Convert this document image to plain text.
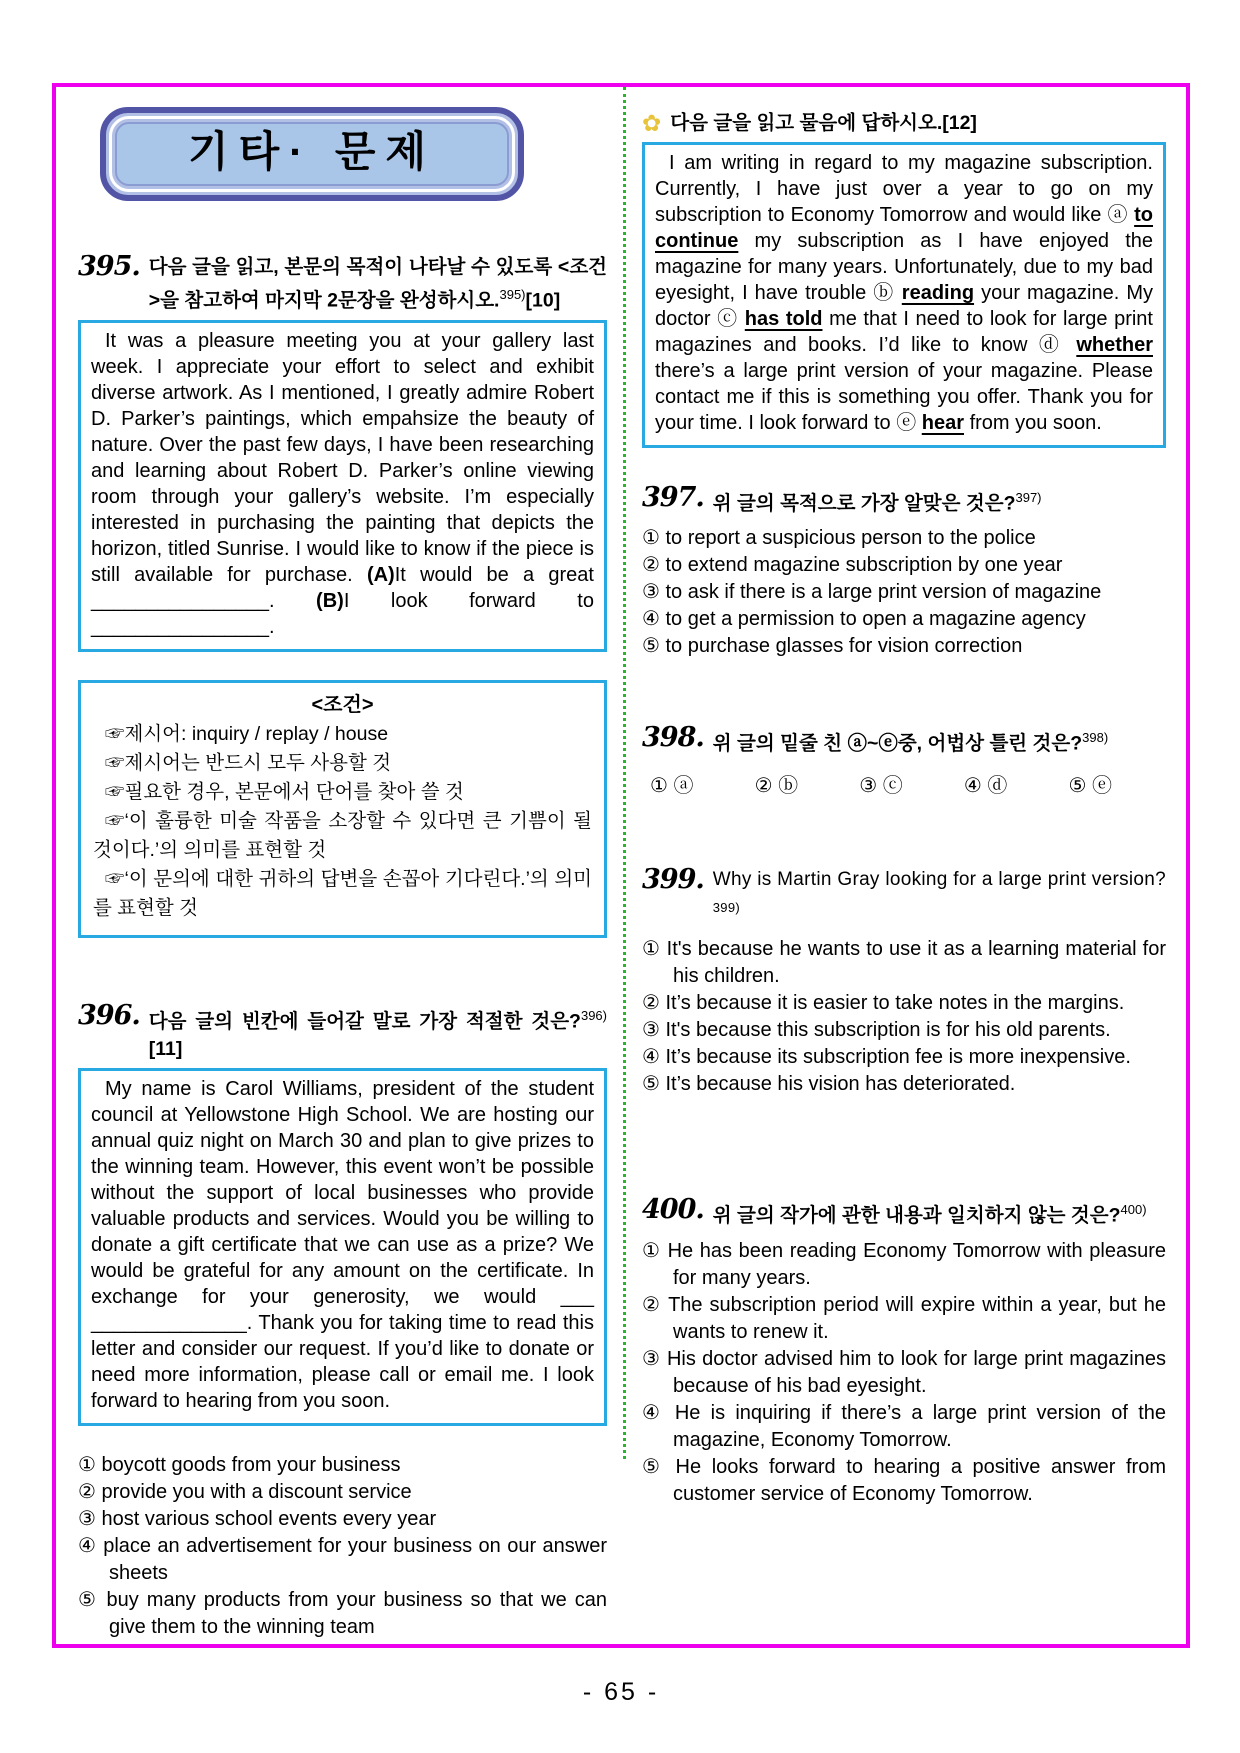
기타· 문제
395. 다음 글을 읽고, 본문의 목적이 나타날 수 있도록 <조건>을 참고하여 마지막 2문장을 완성하시오.$^{395)}$[10]

It was a pleasure meeting you at your gallery last week. I appreciate your effort to select and exhibit diverse artwork. As I mentioned, I greatly admire Robert D. Parker’s paintings, which empahsize the beauty of nature. Over the past few days, I have been researching and learning about Robert D. Parker’s online viewing room through your gallery’s website. I’m especially interested in purchasing the painting that depicts the horizon, titled Sunrise. I would like to know if the piece is still available for purchase. (A)It would be a great ________________. (B)I look forward to ________________.

<조건>
☞제시어: inquiry / replay / house
☞제시어는 반드시 모두 사용할 것
☞필요한 경우, 본문에서 단어를 찾아 쓸 것
☞‘이 훌륭한 미술 작품을 소장할 수 있다면 큰 기쁨이 될 것이다.’의 의미를 표현할 것
☞‘이 문의에 대한 귀하의 답변을 손꼽아 기다린다.’의 의미를 표현할 것
396. 다음 글의 빈칸에 들어갈 말로 가장 적절한 것은?$^{396)}$[11]

My name is Carol Williams, president of the student council at Yellowstone High School. We are hosting our annual quiz night on March 30 and plan to give prizes to the winning team. However, this event won’t be possible without the support of local businesses who provide valuable products and services. Would you be willing to donate a gift certificate that we can use as a prize? We would be grateful for any amount on the certificate. In exchange for your generosity, we would ___ ______________. Thank you for taking time to read this letter and consider our request. If you’d like to donate or need more information, please call or email me. I look forward to hearing from you soon.

① boycott goods from your business
② provide you with a discount service
③ host various school events every year
④ place an advertisement for your business on our answer sheets
⑤ buy many products from your business so that we can give them to the winning team
✿ 다음 글을 읽고 물음에 답하시오.[12]

I am writing in regard to my magazine subscription. Currently, I have just over a year to go on my subscription to Economy Tomorrow and would like ⓐ to continue my subscription as I have enjoyed the magazine for many years. Unfortunately, due to my bad eyesight, I have trouble ⓑ reading your magazine. My doctor ⓒ has told me that I need to look for large print magazines and books. I’d like to know ⓓ whether there’s a large print version of your magazine. Please contact me if this is something you offer. Thank you for your time. I look forward to ⓔ hear from you soon.

397. 위 글의 목적으로 가장 알맞은 것은?$^{397)}$
① to report a suspicious person to the police
② to extend magazine subscription by one year
③ to ask if there is a large print version of magazine
④ to get a permission to open a magazine agency
⑤ to purchase glasses for vision correction
398. 위 글의 밑줄 친 ⓐ~ⓔ중, 어법상 틀린 것은?$^{398)}$
① ⓐ	② ⓑ	③ ⓒ	④ ⓓ	⑤ ⓔ
399. Why is Martin Gray looking for a large print version?$^{399)}$
① It's because he wants to use it as a learning material for his children.
② It’s because it is easier to take notes in the margins.
③ It's because this subscription is for his old parents.
④ It’s because its subscription fee is more inexpensive.
⑤ It’s because his vision has deteriorated.
400. 위 글의 작가에 관한 내용과 일치하지 않는 것은?$^{400)}$
① He has been reading Economy Tomorrow with pleasure for many years.
② The subscription period will expire within a year, but he wants to renew it.
③ His doctor advised him to look for large print magazines because of his bad eyesight.
④ He is inquiring if there’s a large print version of the magazine, Economy Tomorrow.
⑤ He looks forward to hearing a positive answer from customer service of Economy Tomorrow.
- 65 -
